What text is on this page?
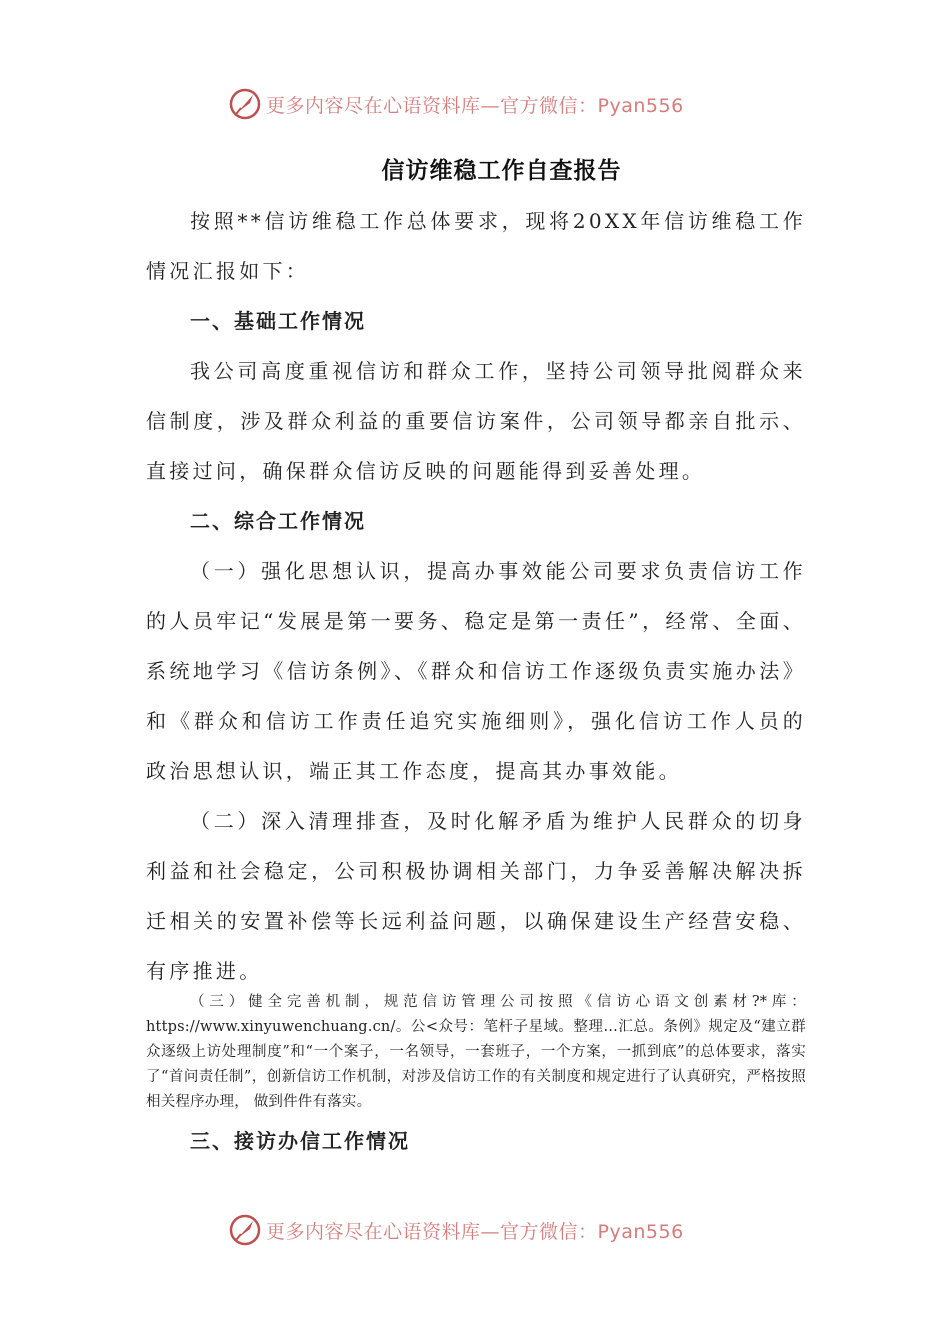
更多内容尽在心语资料库—官方微信：Pyan556
信访维稳工作自查报告

按照**信访维稳工作总体要求，现将20XX年信访维稳工作情况汇报如下：

一、基础工作情况

我公司高度重视信访和群众工作，坚持公司领导批阅群众来信制度，涉及群众利益的重要信访案件，公司领导都亲自批示、直接过问，确保群众信访反映的问题能得到妥善处理。

二、综合工作情况

（一）强化思想认识，提高办事效能公司要求负责信访工作的人员牢记“发展是第一要务、稳定是第一责任”，经常、全面、系统地学习《信访条例》、《群众和信访工作逐级负责实施办法》和《群众和信访工作责任追究实施细则》，强化信访工作人员的政治思想认识，端正其工作态度，提高其办事效能。

（二）深入清理排查，及时化解矛盾为维护人民群众的切身利益和社会稳定，公司积极协调相关部门，力争妥善解决解决拆迁相关的安置补偿等长远利益问题，以确保建设生产经营安稳、有序推进。

（三）健全完善机制，规范信访管理公司按照《信访心语文创素材?*库：https://www.xinyuwenchuang.cn/。公<众号：笔杆子星域。整理…汇总。条例》规定及“建立群众逐级上访处理制度”和“一个案子，一名领导，一套班子，一个方案，一抓到底”的总体要求，落实了“首问责任制”，创新信访工作机制，对涉及信访工作的有关制度和规定进行了认真研究，严格按照相关程序办理， 做到件件有落实。

三、接访办信工作情况

更多内容尽在心语资料库—官方微信：Pyan556
